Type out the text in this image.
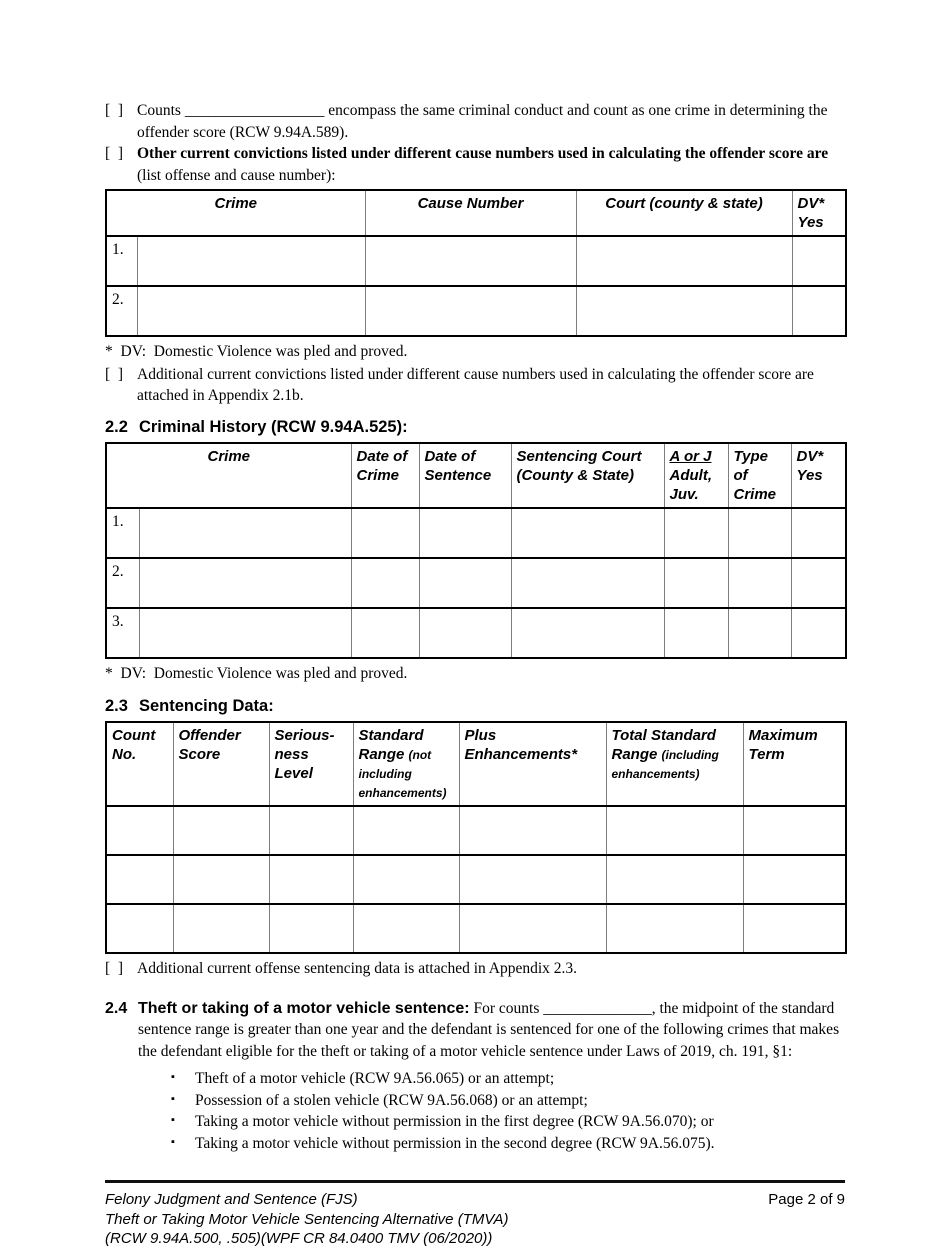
[  ] Counts __________________ encompass the same criminal conduct and count as one crime in determining the
offender score (RCW 9.94A.589).
[  ] Other current convictions listed under different cause numbers used in calculating the offender score are
(list offense and cause number):
Crime		Cause Number	Court (county & state)	DV* Yes
1.				
2.				
*  DV:  Domestic Violence was pled and proved.
[  ] Additional current convictions listed under different cause numbers used in calculating the offender score are
attached in Appendix 2.1b.
2.2 Criminal History (RCW 9.94A.525):
Crime		Date of Crime	Date of Sentence	Sentencing Court (County & State)	A or J Adult, Juv.	Type of Crime	DV* Yes
1.							
2.							
3.							
*  DV:  Domestic Violence was pled and proved.
2.3 Sentencing Data:
Count No.	Offender Score	Serious-ness Level	Standard Range (not including enhancements)	Plus Enhancements*	Total Standard Range (including enhancements)	Maximum Term

[  ] Additional current offense sentencing data is attached in Appendix 2.3.
2.4 Theft or taking of a motor vehicle sentence: For counts ______________, the midpoint of the standard
sentence range is greater than one year and the defendant is sentenced for one of the following crimes that makes
the defendant eligible for the theft or taking of a motor vehicle sentence under Laws of 2019, ch. 191, §1:
▪ Theft of a motor vehicle (RCW 9A.56.065) or an attempt;
▪ Possession of a stolen vehicle (RCW 9A.56.068) or an attempt;
▪ Taking a motor vehicle without permission in the first degree (RCW 9A.56.070); or
▪ Taking a motor vehicle without permission in the second degree (RCW 9A.56.075).
Felony Judgment and Sentence (FJS)
Theft or Taking Motor Vehicle Sentencing Alternative (TMVA)
(RCW 9.94A.500, .505)(WPF CR 84.0400 TMV (06/2020))
Page 2 of 9
